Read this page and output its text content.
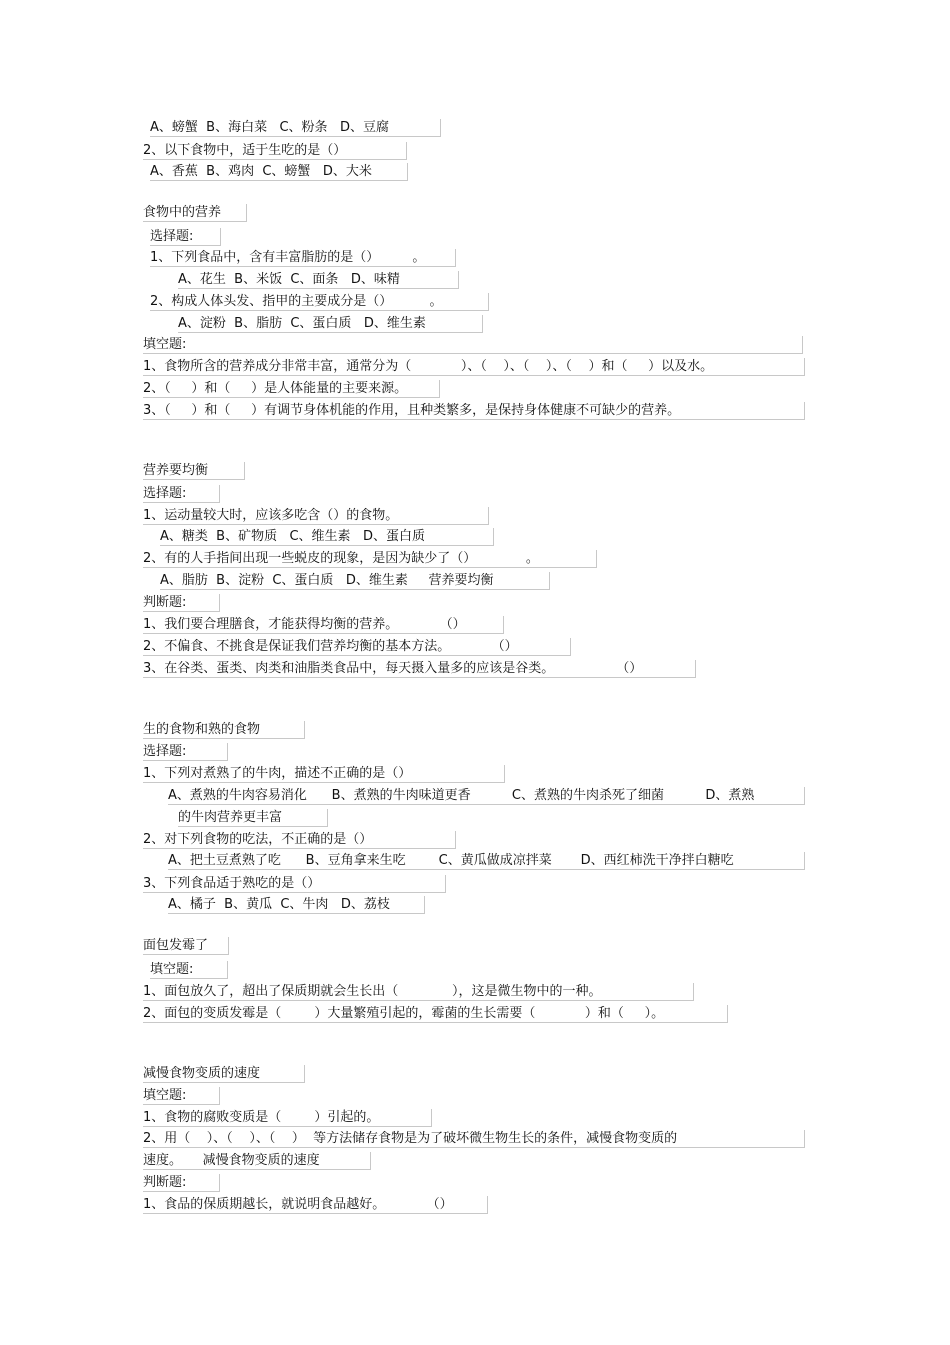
A、螃蟹  B、海白菜   C、粉条   D、豆腐
2、以下食物中，适于生吃的是（）
A、香蕉  B、鸡肉  C、螃蟹   D、大米
食物中的营养
选择题:
1、下列食品中，含有丰富脂肪的是（）        。
A、花生  B、米饭  C、面条   D、味精
2、构成人体头发、指甲的主要成分是（）         。
A、淀粉  B、脂肪  C、蛋白质   D、维生素
填空题:
1、食物所含的营养成分非常丰富，通常分为（            ）、（    ）、（    ）、（    ）和（     ）以及水。
2、（     ）和（     ）是人体能量的主要来源。
3、（     ）和（     ）有调节身体机能的作用，且种类繁多，是保持身体健康不可缺少的营养。
营养要均衡
选择题:
1、运动量较大时，应该多吃含（）的食物。
A、糖类  B、矿物质   C、维生素   D、蛋白质
2、有的人手指间出现一些蜕皮的现象，是因为缺少了（）            。
A、脂肪  B、淀粉  C、蛋白质   D、维生素     营养要均衡
判断题:
1、我们要合理膳食，才能获得均衡的营养。          （）
2、不偏食、不挑食是保证我们营养均衡的基本方法。          （）
3、在谷类、蛋类、肉类和油脂类食品中，每天摄入量多的应该是谷类。               （）
生的食物和熟的食物
选择题:
1、下列对煮熟了的牛肉，描述不正确的是（）
A、煮熟的牛肉容易消化      B、煮熟的牛肉味道更香          C、煮熟的牛肉杀死了细菌          D、煮熟
的牛肉营养更丰富
2、对下列食物的吃法，不正确的是（）
A、把土豆煮熟了吃      B、豆角拿来生吃        C、黄瓜做成凉拌菜       D、西红柿洗干净拌白糖吃
3、下列食品适于熟吃的是（）
A、橘子  B、黄瓜  C、牛肉   D、荔枝
面包发霉了
填空题:
1、面包放久了，超出了保质期就会生长出（             ），这是微生物中的一种。
2、面包的变质发霉是（        ）大量繁殖引起的，霉菌的生长需要（            ）和（     ）。
减慢食物变质的速度
填空题:
1、食物的腐败变质是（        ）引起的。
2、用（    ）、（    ）、（    ）  等方法储存食物是为了破坏微生物生长的条件，减慢食物变质的
速度。     减慢食物变质的速度
判断题:
1、食品的保质期越长，就说明食品越好。          （）
